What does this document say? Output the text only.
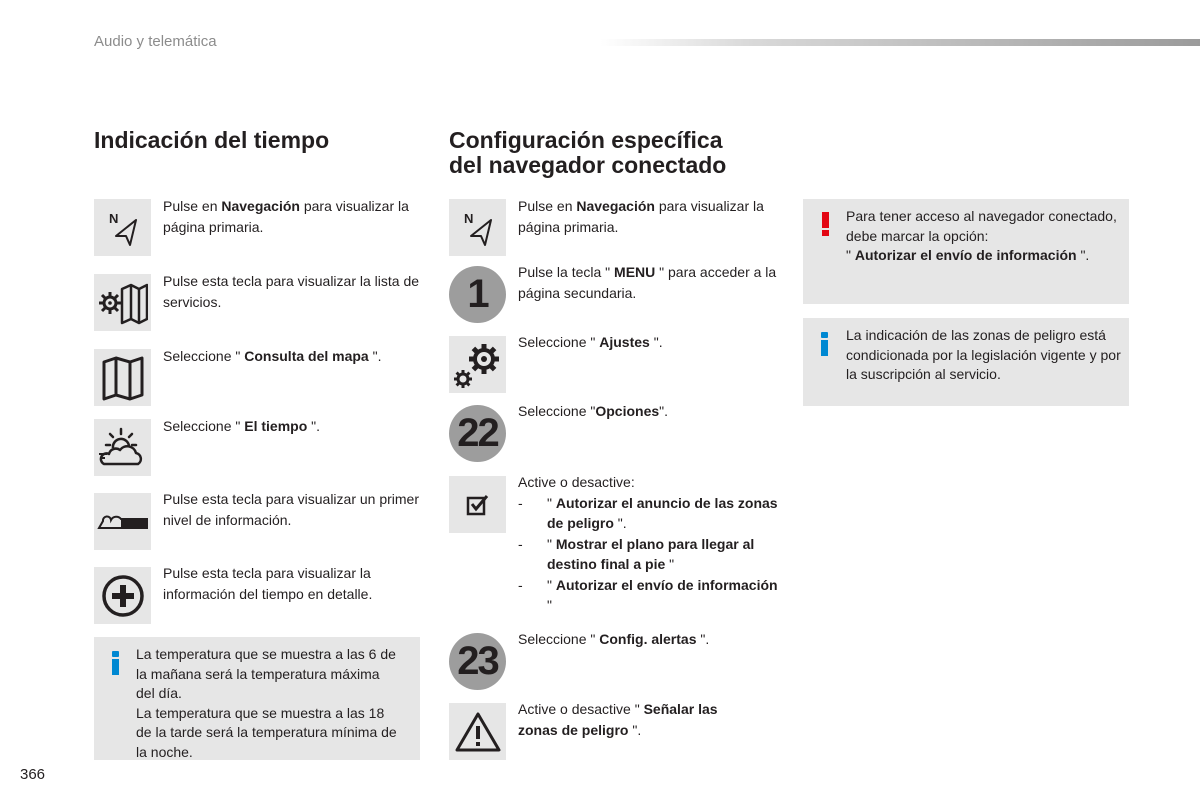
Audio y telemática
Indicación del tiempo
N
Pulse en Navegación para visualizar la página primaria.
Pulse esta tecla para visualizar la lista de servicios.
Seleccione " Consulta del mapa ".
Seleccione " El tiempo ".
Pulse esta tecla para visualizar un primer nivel de información.
Pulse esta tecla para visualizar la información del tiempo en detalle.
La temperatura que se muestra a las 6 de la mañana será la temperatura máxima del día.
La temperatura que se muestra a las 18 de la tarde será la temperatura mínima de la noche.
Configuración específica
del navegador conectado
N
Pulse en Navegación para visualizar la página primaria.
1	Pulse la tecla " MENU " para acceder a la página secundaria.
Seleccione " Ajustes ".
22	Seleccione "Opciones".
Active o desactive:
- " Autorizar el anuncio de las zonas de peligro ".
- " Mostrar el plano para llegar al destino final a pie "
- " Autorizar el envío de información "
23	Seleccione " Config. alertas ".
Active o desactive " Señalar las zonas de peligro ".
Para tener acceso al navegador conectado, debe marcar la opción:
" Autorizar el envío de información ".
La indicación de las zonas de peligro está condicionada por la legislación vigente y por la suscripción al servicio.
366
